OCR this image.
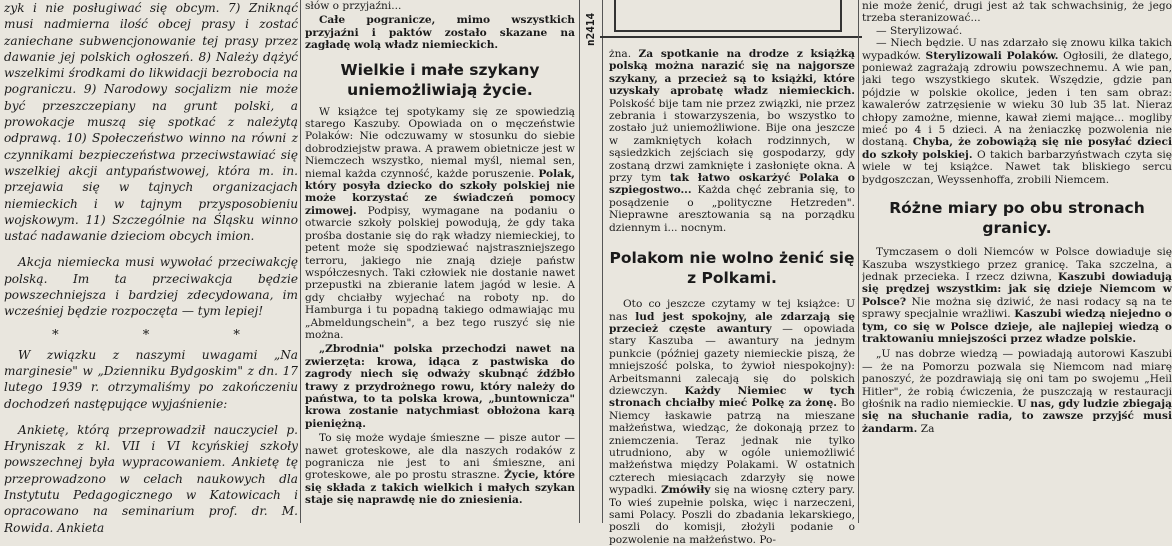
zyk i nie posługiwać się obcym. 7) Zniknąć musi nadmierna ilość obcej prasy i zostać zaniechane subwencjonowanie tej prasy przez dawanie jej polskich ogłoszeń. 8) Należy dążyć wszelkimi środkami do likwidacji bezrobocia na pograniczu. 9) Narodowy socjalizm nie może być przeszczepiany na grunt polski, a prowokacje muszą się spotkać z należytą odprawą. 10) Społeczeństwo winno na równi z czynnikami bezpieczeństwa przeciwstawiać się wszelkiej akcji antypaństwowej, która m. in. przejawia się w tajnych organizacjach niemieckich i w tajnym przysposobieniu wojskowym. 11) Szczególnie na Śląsku winno ustać nadawanie dzieciom obcych imion.

Akcja niemiecka musi wywołać przeciwakcję polską. Im ta przeciwakcja będzie powszechniejsza i bardziej zdecydowana, im wcześniej będzie rozpoczęta — tym lepiej!

* * *

W związku z naszymi uwagami „Na marginesie" w „Dzienniku Bydgoskim" z dn. 17 lutego 1939 r. otrzymaliśmy po zakończeniu dochodzeń następujące wyjaśnienie:

Ankietę, którą przeprowadził nauczyciel p. Hryniszak z kl. VII i VI kcyńskiej szkoły powszechnej była wypracowaniem. Ankietę tę przeprowadzono w celach naukowych dla Instytutu Pedagogicznego w Katowicach i opracowano na seminarium prof. dr. M. Rowida. Ankieta

słów o przyjaźni...

Całe pogranicze, mimo wszystkich przyjaźni i paktów zostało skazane na zagładę wolą władz niemieckich.

Wielkie i małe szykany uniemożliwiają życie.

W książce tej spotykamy się ze spowiedzią starego Kaszuby. Opowiada on o męczeństwie Polaków: Nie odczuwamy w stosunku do siebie dobrodziejstw prawa. A prawem obietnicze jest w Niemczech wszystko, niemal myśl, niemal sen, niemal każda czynność, każde poruszenie. Polak, który posyła dziecko do szkoły polskiej nie może korzystać ze świadczeń pomocy zimowej. Podpisy, wymagane na podaniu o otwarcie szkoły polskiej powodują, że gdy taka prośba dostanie się do rąk władzy niemieckiej, to petent może się spodziewać najstraszniejszego terroru, jakiego nie znają dzieje państw współczesnych. Taki człowiek nie dostanie nawet przepustki na zbieranie latem jagód w lesie. A gdy chciałby wyjechać na roboty np. do Hamburga i tu popadną takiego odmawiając mu „Abmeldungschein", a bez tego ruszyć się nie można.

„Zbrodnia" polska przechodzi nawet na zwierzęta: krowa, idąca z pastwiska do zagrody niech się odważy skubnąć źdźbło trawy z przydrożnego rowu, który należy do państwa, to ta polska krowa, „buntownicza" krowa zostanie natychmiast obłożona karą pieniężną.

To się może wydaje śmieszne — pisze autor — nawet groteskowe, ale dla naszych rodaków z pogranicza nie jest to ani śmieszne, ani groteskowe, ale po prostu straszne. Życie, które się składa z takich wielkich i małych szykan staje się naprawdę nie do zniesienia.

n2414

żna. Za spotkanie na drodze z książką polską można narazić się na najgorsze szykany, a przecież są to książki, które uzyskały aprobatę władz niemieckich. Polskość bije tam nie przez związki, nie przez zebrania i stowarzyszenia, bo wszystko to zostało już uniemożliwione. Bije ona jeszcze w zamkniętych kołach rodzinnych, w sąsiedzkich zejściach się gospodarzy, gdy zostaną drzwi zamknięte i zasłonięte okna. A przy tym tak łatwo oskarżyć Polaka o szpiegostwo... Każda chęć zebrania się, to posądzenie o „polityczne Hetzreden". Nieprawne aresztowania są na porządku dziennym i... nocnym.

Polakom nie wolno żenić się z Polkami.

Oto co jeszcze czytamy w tej książce: U nas lud jest spokojny, ale zdarzają się przecież częste awantury — opowiada stary Kaszuba — awantury na jednym punkcie (później gazety niemieckie piszą, że mniejszość polska, to żywioł niespokojny): Arbeitsmanni zalecają się do polskich dziewczyn. Każdy Niemiec w tych stronach chciałby mieć Polkę za żonę. Bo Niemcy łaskawie patrzą na mieszane małżeństwa, wiedząc, że dokonają przez to zniemczenia. Teraz jednak nie tylko utrudniono, aby w ogóle uniemożliwić małżeństwa między Polakami. W ostatnich czterech miesiącach zdarzyły się nowe wypadki. Zmówiły się na wiosnę cztery pary. To wieś zupełnie polska, więc i narzeczeni, sami Polacy. Poszli do zbadania lekarskiego, poszli do komisji, złożyli podanie o pozwolenie na małżeństwo. Po-

nie może żenić, drugi jest aż tak schwachsinig, że jego trzeba steranizować...

— Sterylizować.

— Niech będzie. U nas zdarzało się znowu kilka takich wypadków. Sterylizowali Polaków. Ogłosili, że dlatego, ponieważ zagrażają zdrowiu powszechnemu. A wie pan, jaki tego wszystkiego skutek. Wszędzie, gdzie pan pójdzie w polskie okolice, jeden i ten sam obraz: kawalerów zatrzęsienie w wieku 30 lub 35 lat. Nieraz chłopy zamożne, mienne, kawał ziemi mające... mogliby mieć po 4 i 5 dzieci. A na żeniaczkę pozwolenia nie dostaną. Chyba, że zobowiążą się nie posyłać dzieci do szkoły polskiej. O takich barbarzyństwach czyta się wiele w tej książce. Nawet tak bliskiego sercu bydgoszczan, Weyssenhoffa, zrobili Niemcem.

Różne miary po obu stronach granicy.

Tymczasem o doli Niemców w Polsce dowiaduje się Kaszuba wszystkiego przez granicę. Taka szczelna, a jednak przecieka. I rzecz dziwna, Kaszubi dowiadują się prędzej wszystkim: jak się dzieje Niemcom w Polsce? Nie można się dziwić, że nasi rodacy są na te sprawy specjalnie wrażliwi. Kaszubi wiedzą niejedno o tym, co się w Polsce dzieje, ale najlepiej wiedzą o traktowaniu mniejszości przez władze polskie.

„U nas dobrze wiedzą — powiadają autorowi Kaszubi — że na Pomorzu pozwala się Niemcom nad miarę panoszyć, że pozdrawiają się oni tam po swojemu „Heil Hitler", że robią ćwiczenia, że puszczają w restauracji głośnik na radio niemieckie. U nas, gdy ludzie zbiegają się na słuchanie radia, to zawsze przyjść musi żandarm. Za
